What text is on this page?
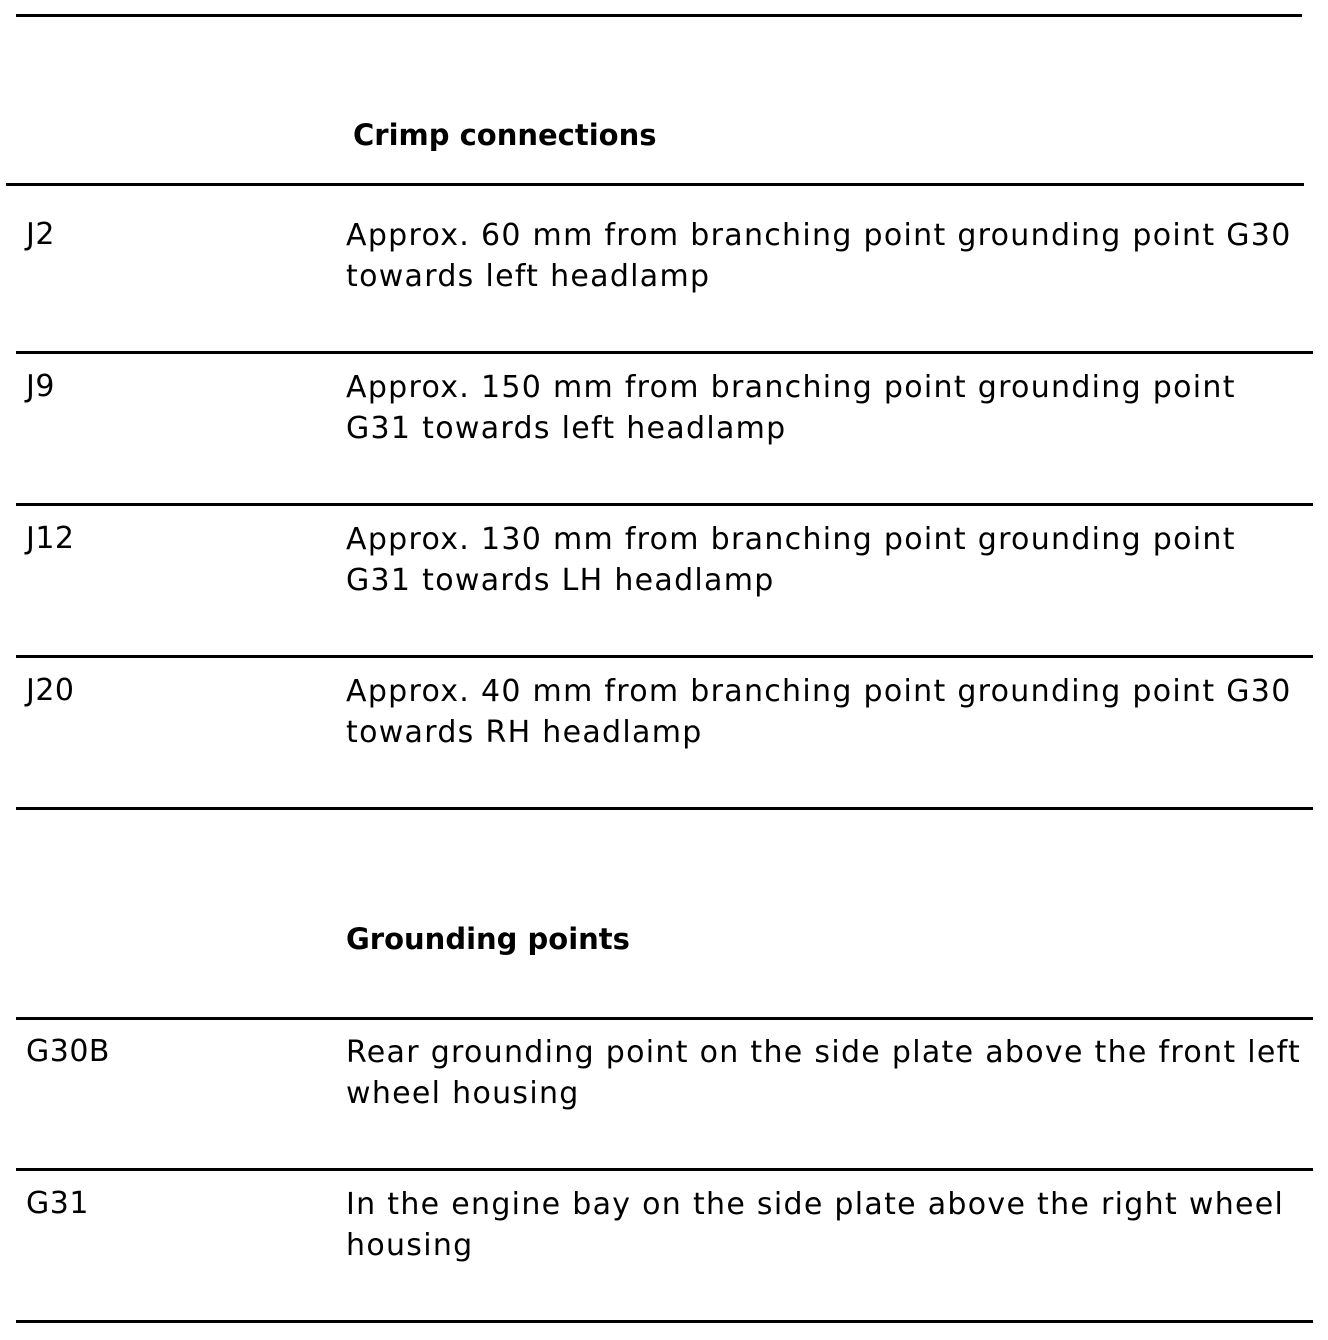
Crimp connections
J2	Approx. 60 mm from branching point grounding point G30 towards left headlamp
J9	Approx. 150 mm from branching point grounding point G31 towards left headlamp
J12	Approx. 130 mm from branching point grounding point G31 towards LH headlamp
J20	Approx. 40 mm from branching point grounding point G30 towards RH headlamp
Grounding points
G30B	Rear grounding point on the side plate above the front left wheel housing
G31	In the engine bay on the side plate above the right wheel housing
